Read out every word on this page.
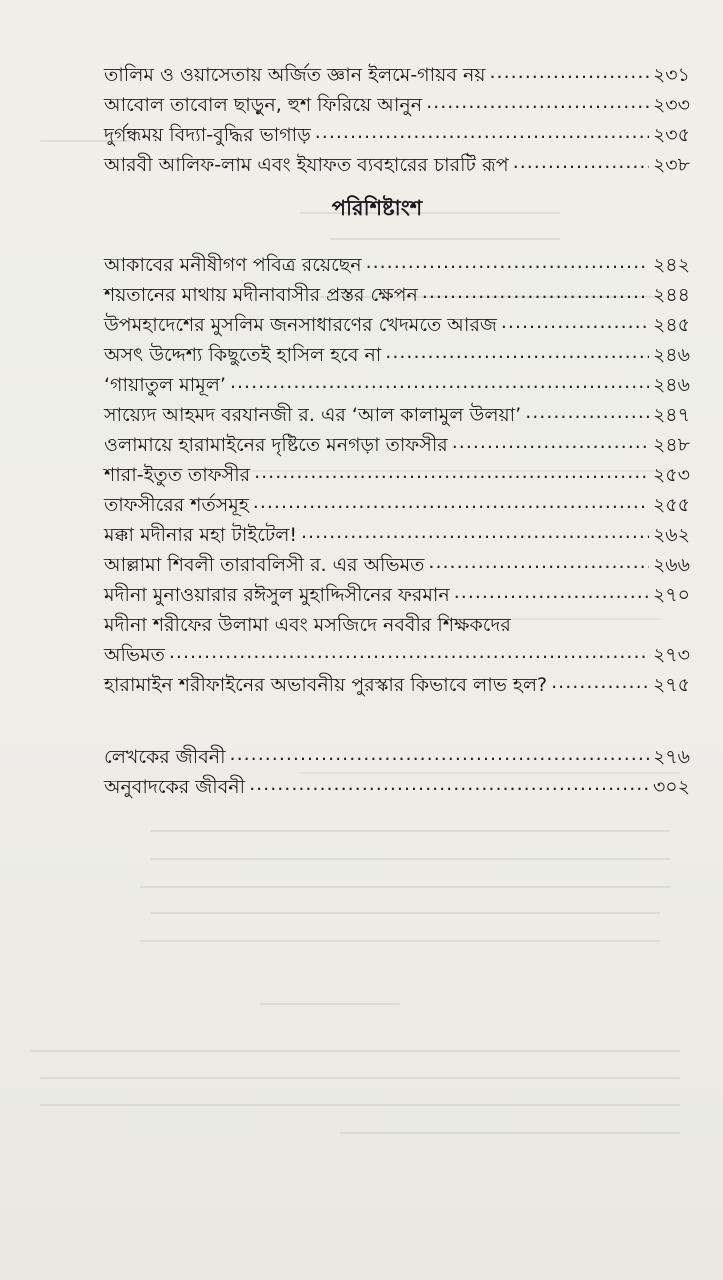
তালিম ও ওয়াসেতায় অর্জিত জ্ঞান ইলমে-গায়ব নয় .....	২৩১
আবোল তাবোল ছাড়ুন, হুশ ফিরিয়ে আনুন .....	২৩৩
দুর্গন্ধময় বিদ্যা-বুদ্ধির ভাগাড় .....	২৩৫
আরবী আলিফ-লাম এবং ইযাফত ব্যবহারের চারটি রূপ .....	২৩৮
পরিশিষ্টাংশ
আকাবের মনীষীগণ পবিত্র রয়েছেন .....	২৪২
শয়তানের মাথায় মদীনাবাসীর প্রস্তর ক্ষেপন .....	২৪৪
উপমহাদেশের মুসলিম জনসাধারণের খেদমতে আরজ .....	২৪৫
অসৎ উদ্দেশ্য কিছুতেই হাসিল হবে না .....	২৪৬
‘গায়াতুল মামূল’ .....	২৪৬
সায়্যেদ আহমদ বরযানজী র. এর ‘আল কালামুল উলয়া’ .....	২৪৭
ওলামায়ে হারামাইনের দৃষ্টিতে মনগড়া তাফসীর .....	২৪৮
শারা-ইতুত তাফসীর .....	২৫৩
তাফসীরের শর্তসমূহ .....	২৫৫
মক্কা মদীনার মহা টাইটেল! .....	২৬২
আল্লামা শিবলী তারাবলিসী র. এর অভিমত .....	২৬৬
মদীনা মুনাওয়ারার রঈসুল মুহাদ্দিসীনের ফরমান .....	২৭০
মদীনা শরীফের উলামা এবং মসজিদে নববীর শিক্ষকদের
অভিমত .....	২৭৩
হারামাইন শরীফাইনের অভাবনীয় পুরস্কার কিভাবে লাভ হল? .....	২৭৫
লেখকের জীবনী .....	২৭৬
অনুবাদকের জীবনী .....	৩০২
